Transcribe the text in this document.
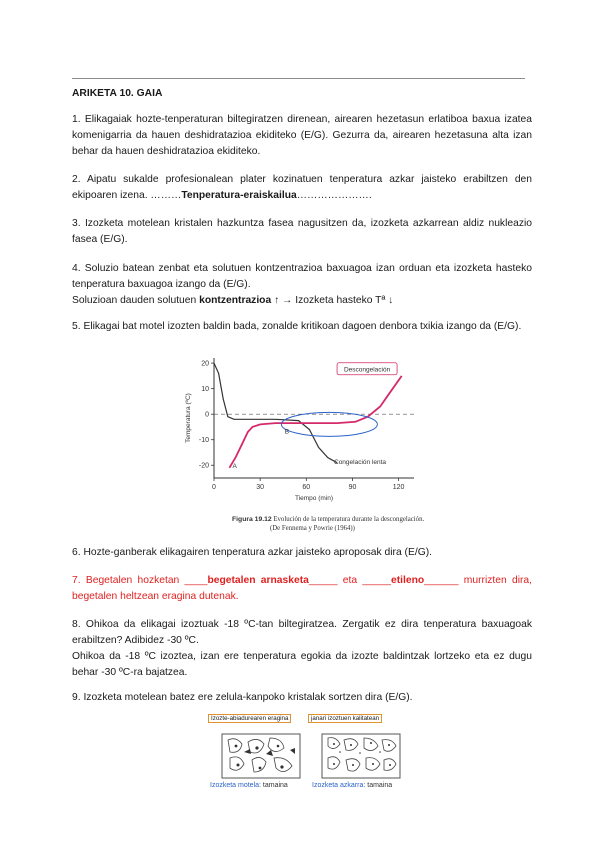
ARIKETA 10. GAIA
1. Elikagaiak hozte-tenperaturan biltegiratzen direnean, airearen hezetasun erlatiboa baxua izatea komenigarria da hauen deshidratazioa ekiditeko (E/G). Gezurra da, airearen hezetasuna alta izan behar da hauen deshidratazioa ekiditeko.
2. Aipatu sukalde profesionalean plater kozinatuen tenperatura azkar jaisteko erabiltzen den ekipoaren izena. ………Tenperatura-eraiskailua………………….
3. Izozketa motelean kristalen hazkuntza fasea nagusitzen da, izozketa azkarrean aldiz nukleazio fasea (E/G).
4. Soluzio batean zenbat eta solutuen kontzentrazioa baxuagoa izan orduan eta izozketa hasteko tenperatura baxuagoa izango da (E/G).
Soluzioan dauden solutuen kontzentrazioa ↑ → Izozketa hasteko Tª ↓
5. Elikagai bat motel izozten baldin bada, zonalde kritikoan dagoen denbora txikia izango da (E/G).
20
10
0
-10
-20
0	30	60	90	120
Temperatura (ºC)
Tiempo (min)
Descongelación
Congelación lenta
A
B
Figura 19.12 Evolución de la temperatura durante la descongelación.
(De Fennema y Powrie (1964))
6. Hozte-ganberak elikagairen tenperatura azkar jaisteko aproposak dira (E/G).
7. Begetalen hozketan ____begetalen arnasketa_____ eta _____etileno______ murrizten dira, begetalen heltzean eragina dutenak.
8. Ohikoa da elikagai izoztuak -18 ºC-tan biltegiratzea. Zergatik ez dira tenperatura baxuagoak erabiltzen? Adibidez -30 ºC.
Ohikoa da -18 ºC izoztea, izan ere tenperatura egokia da izozte baldintzak lortzeko eta ez dugu behar -30 ºC-ra bajatzea.
9. Izozketa motelean batez ere zelula-kanpoko kristalak sortzen dira (E/G).
Izozte-abiadurearen eragina	janari izoztuen kalitatean
Izozketa motela: tamaina	Izozketa azkarra: tamaina
